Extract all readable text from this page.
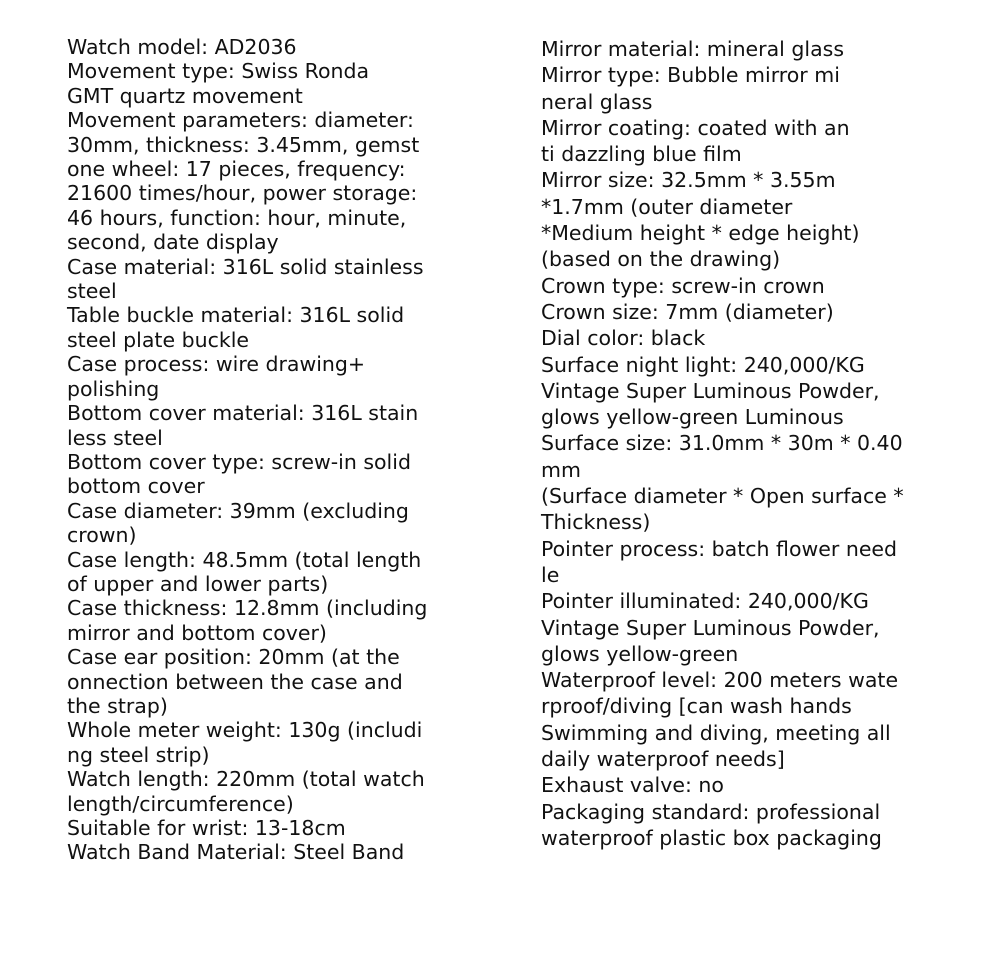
Watch model: AD2036
Movement type: Swiss Ronda
GMT quartz movement
Movement parameters: diameter:
30mm, thickness: 3.45mm, gemst
one wheel: 17 pieces, frequency:
21600 times/hour, power storage:
46 hours, function: hour, minute,
second, date display
Case material: 316L solid stainless
steel
Table buckle material: 316L solid
steel plate buckle
Case process: wire drawing+
polishing
Bottom cover material: 316L stain
less steel
Bottom cover type: screw-in solid
bottom cover
Case diameter: 39mm (excluding
crown)
Case length: 48.5mm (total length
of upper and lower parts)
Case thickness: 12.8mm (including
mirror and bottom cover)
Case ear position: 20mm (at the
onnection between the case and
the strap)
Whole meter weight: 130g (includi
ng steel strip)
Watch length: 220mm (total watch
length/circumference)
Suitable for wrist: 13-18cm
Watch Band Material: Steel Band
Mirror material: mineral glass
Mirror type: Bubble mirror mi
neral glass
Mirror coating: coated with an
ti dazzling blue film
Mirror size: 32.5mm * 3.55m
*1.7mm (outer diameter
*Medium height * edge height)
(based on the drawing)
Crown type: screw-in crown
Crown size: 7mm (diameter)
Dial color: black
Surface night light: 240,000/KG
Vintage Super Luminous Powder,
glows yellow-green Luminous
Surface size: 31.0mm * 30m * 0.40
mm
(Surface diameter * Open surface *
Thickness)
Pointer process: batch flower need
le
Pointer illuminated: 240,000/KG
Vintage Super Luminous Powder,
glows yellow-green
Waterproof level: 200 meters wate
rproof/diving [can wash hands
Swimming and diving, meeting all
daily waterproof needs]
Exhaust valve: no
Packaging standard: professional
waterproof plastic box packaging
